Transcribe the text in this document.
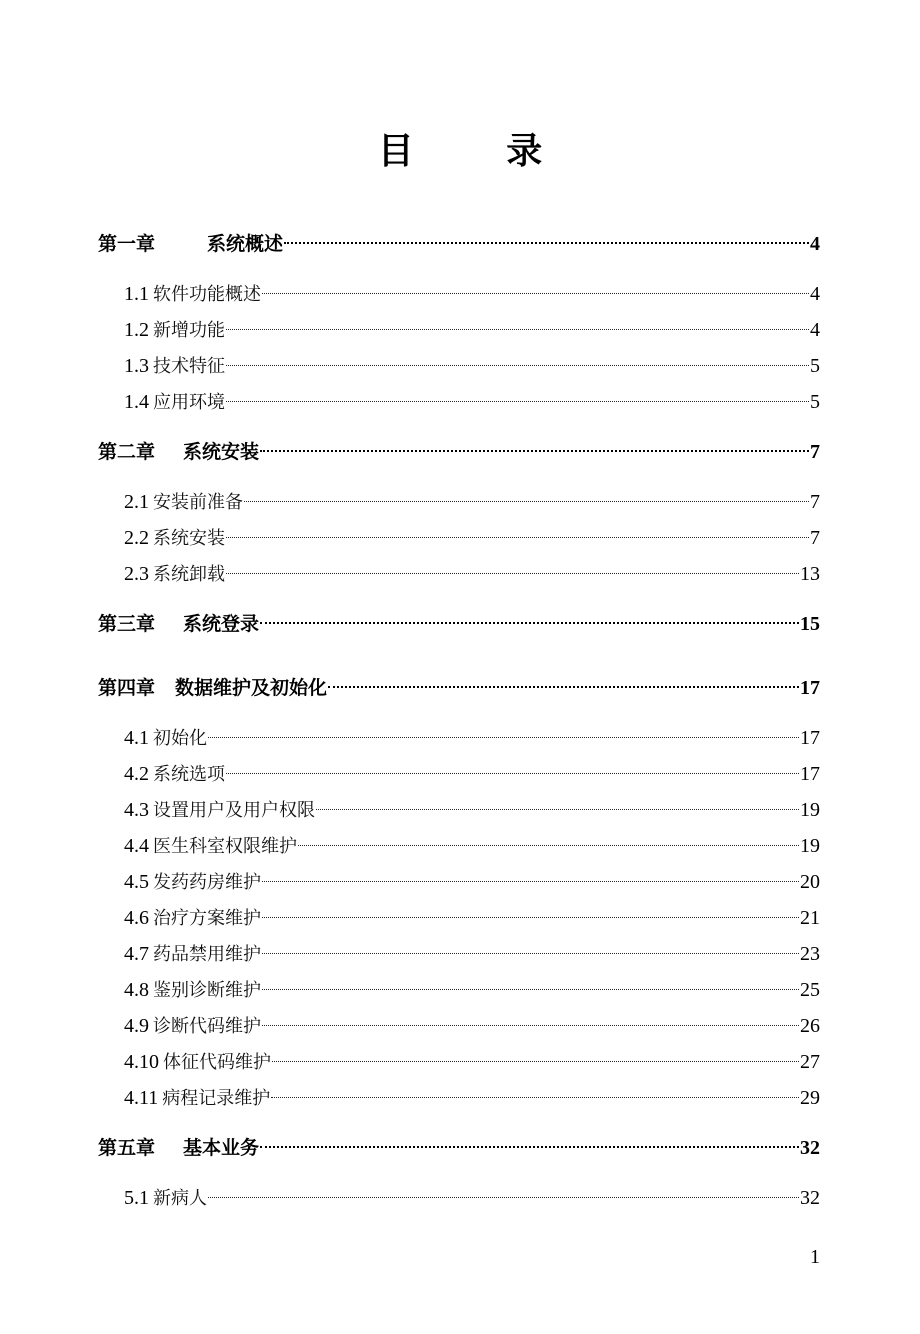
目 录
第一章	系统概述	4
1.1 软件功能概述	4
1.2 新增功能	4
1.3 技术特征	5
1.4 应用环境	5
第二章 系统安装	7
2.1 安装前准备	7
2.2 系统安装	7
2.3 系统卸载	13
第三章 系统登录	15
第四章 数据维护及初始化	17
4.1 初始化	17
4.2 系统选项	17
4.3 设置用户及用户权限	19
4.4 医生科室权限维护	19
4.5 发药药房维护	20
4.6 治疗方案维护	21
4.7 药品禁用维护	23
4.8 鉴别诊断维护	25
4.9 诊断代码维护	26
4.10 体征代码维护	27
4.11 病程记录维护	29
第五章 基本业务	32
5.1 新病人	32
1
